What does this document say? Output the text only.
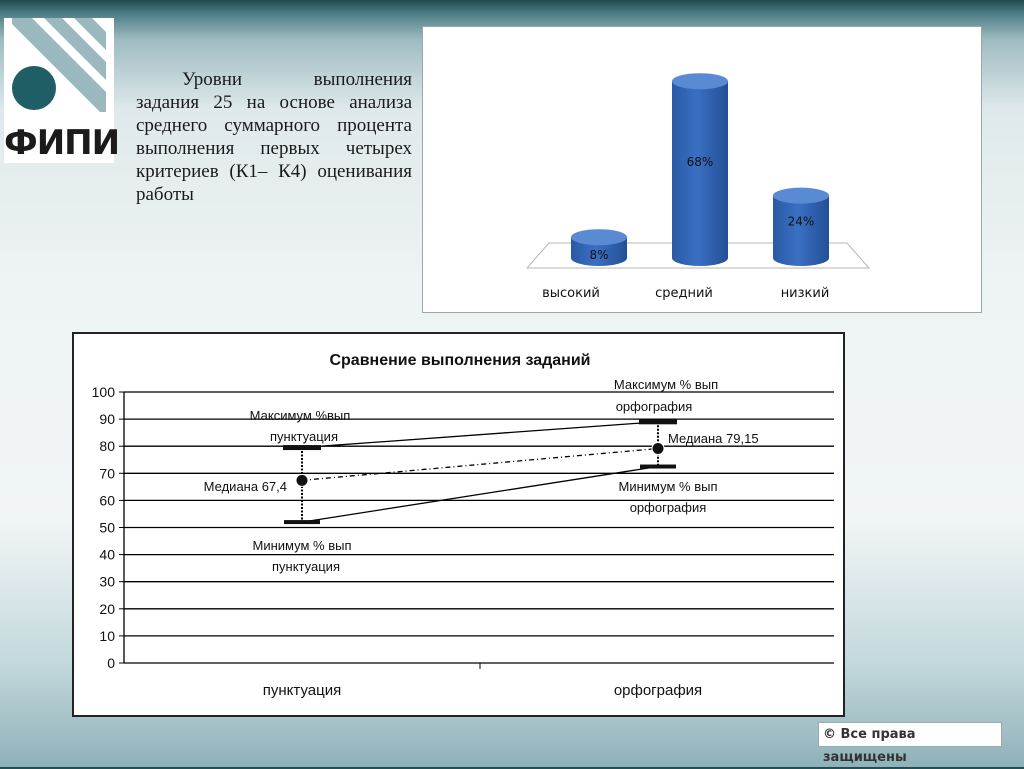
ФИПИ
Уровни выполнения задания 25 на основе анализа среднего суммарного процента выполнения первых четырех критериев (К1– К4) оценивания работы
8%
высокий
68%
средний
24%
низкий
Сравнение выполнения заданий
0
10
20
30
40
50
60
70
80
90
100
пунктуация	орфография
Максимум %вып
пунктуация
Максимум % вып
орфография
Медиана 67,4
Медиана 79,15
Минимум % вып
пунктуация
Минимум % вып
орфография
© Все права защищены
